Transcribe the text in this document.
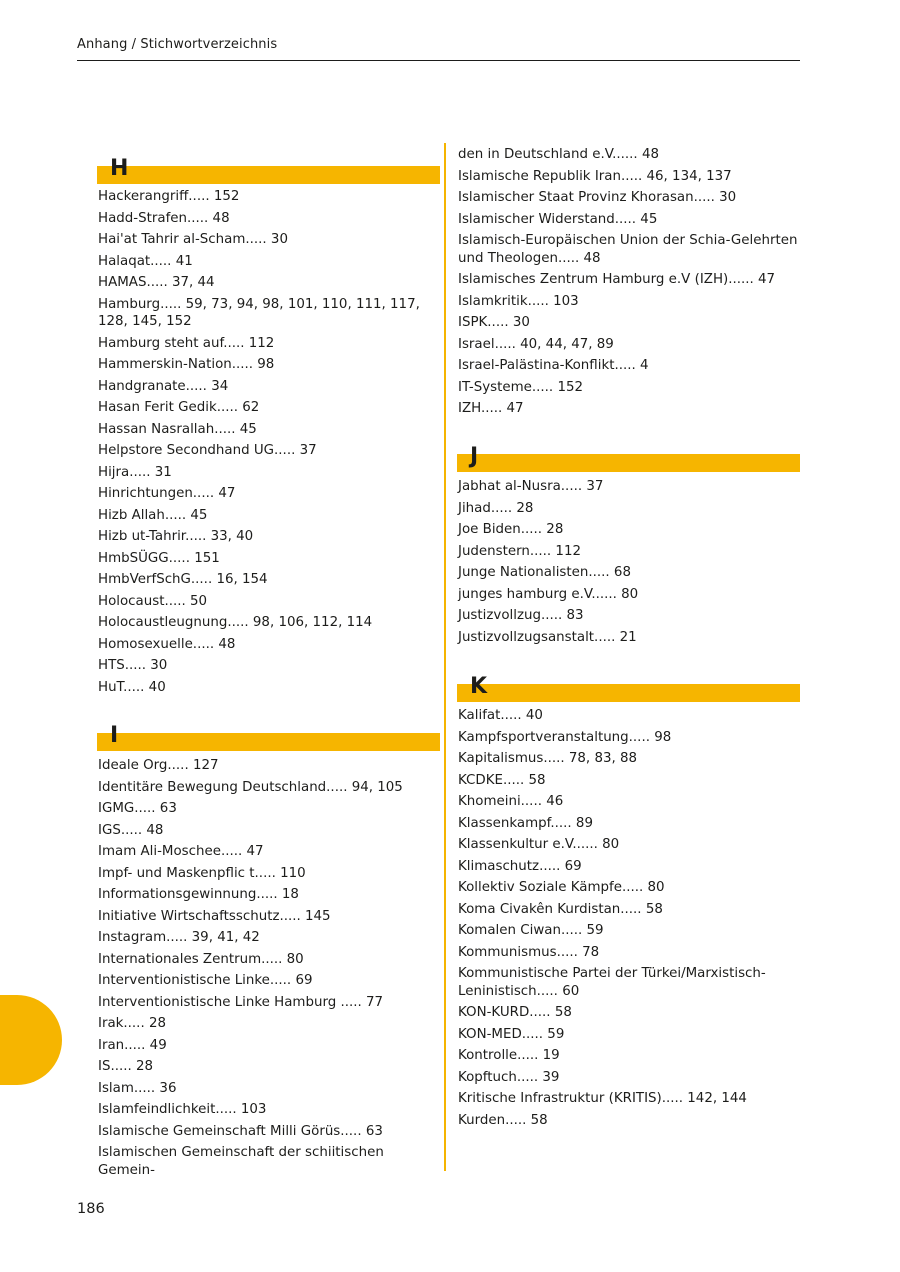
Anhang / Stichwortverzeichnis
H
Hackerangriff..... 152
Hadd-Strafen..... 48
Hai'at Tahrir al-Scham..... 30
Halaqat..... 41
HAMAS..... 37, 44
Hamburg..... 59, 73, 94, 98, 101, 110, 111, 117, 128, 145, 152
Hamburg steht auf..... 112
Hammerskin-Nation..... 98
Handgranate..... 34
Hasan Ferit Gedik..... 62
Hassan Nasrallah..... 45
Helpstore Secondhand UG..... 37
Hijra..... 31
Hinrichtungen..... 47
Hizb Allah..... 45
Hizb ut-Tahrir..... 33, 40
HmbSÜGG..... 151
HmbVerfSchG..... 16, 154
Holocaust..... 50
Holocaustleugnung..... 98, 106, 112, 114
Homosexuelle..... 48
HTS..... 30
HuT..... 40
I
Ideale Org..... 127
Identitäre Bewegung Deutschland..... 94, 105
IGMG..... 63
IGS..... 48
Imam Ali-Moschee..... 47
Impf- und Maskenpflic t..... 110
Informationsgewinnung..... 18
Initiative Wirtschaftsschutz..... 145
Instagram..... 39, 41, 42
Internationales Zentrum..... 80
Interventionistische Linke..... 69
Interventionistische Linke Hamburg ..... 77
Irak..... 28
Iran..... 49
IS..... 28
Islam..... 36
Islamfeindlichkeit..... 103
Islamische Gemeinschaft Milli Görüs..... 63
Islamischen Gemeinschaft der schiitischen Gemein-
den in Deutschland e.V...... 48
Islamische Republik Iran..... 46, 134, 137
Islamischer Staat Provinz Khorasan..... 30
Islamischer Widerstand..... 45
Islamisch-Europäischen Union der Schia-Gelehrten und Theologen..... 48
Islamisches Zentrum Hamburg e.V (IZH)...... 47
Islamkritik..... 103
ISPK..... 30
Israel..... 40, 44, 47, 89
Israel-Palästina-Konflikt..... 4
IT-Systeme..... 152
IZH..... 47
J
Jabhat al-Nusra..... 37
Jihad..... 28
Joe Biden..... 28
Judenstern..... 112
Junge Nationalisten..... 68
junges hamburg e.V...... 80
Justizvollzug..... 83
Justizvollzugsanstalt..... 21
K
Kalifat..... 40
Kampfsportveranstaltung..... 98
Kapitalismus..... 78, 83, 88
KCDKE..... 58
Khomeini..... 46
Klassenkampf..... 89
Klassenkultur e.V...... 80
Klimaschutz..... 69
Kollektiv Soziale Kämpfe..... 80
Koma Civakên Kurdistan..... 58
Komalen Ciwan..... 59
Kommunismus..... 78
Kommunistische Partei der Türkei/Marxistisch-Leninistisch..... 60
KON-KURD..... 58
KON-MED..... 59
Kontrolle..... 19
Kopftuch..... 39
Kritische Infrastruktur (KRITIS)..... 142, 144
Kurden..... 58
186
